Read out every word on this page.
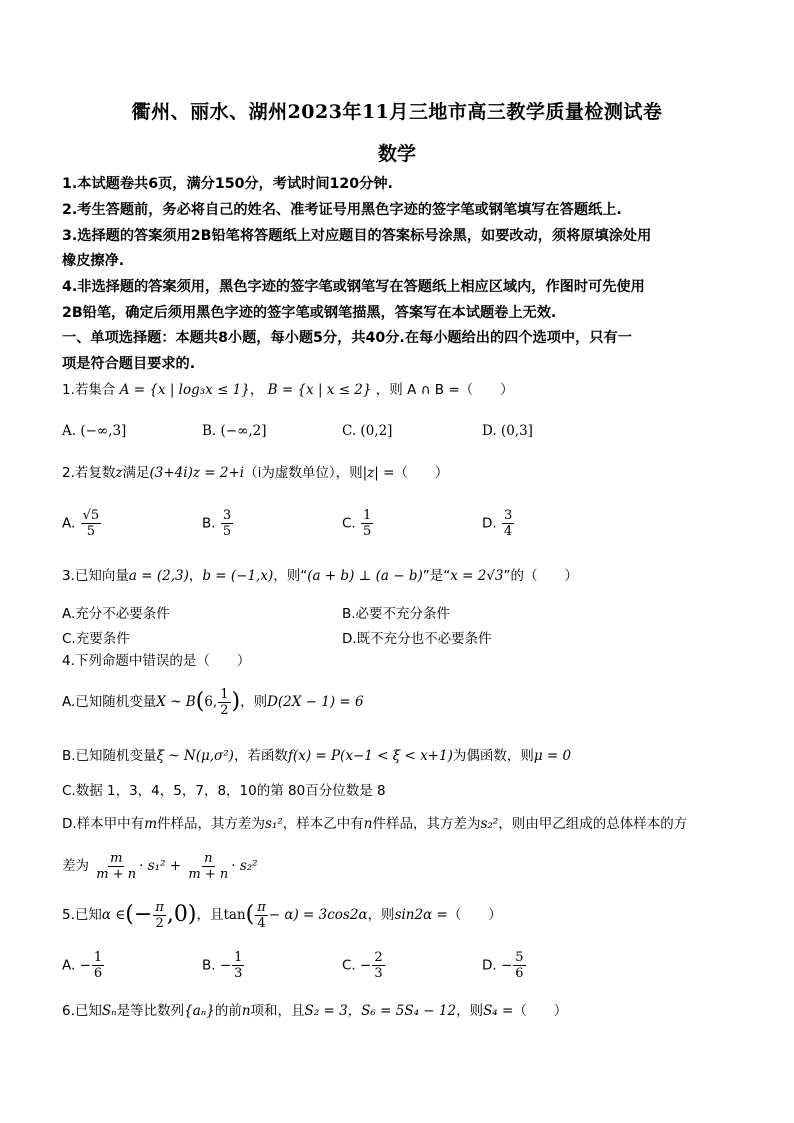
衢州、丽水、湖州2023年11月三地市高三教学质量检测试卷
数学
1.本试题卷共6页，满分150分，考试时间120分钟.
2.考生答题前，务必将自己的姓名、准考证号用黑色字迹的签字笔或钢笔填写在答题纸上.
3.选择题的答案须用2B铅笔将答题纸上对应题目的答案标号涂黑，如要改动，须将原填涂处用
橡皮擦净.
4.非选择题的答案须用，黑色字迹的签字笔或钢笔写在答题纸上相应区域内，作图时可先使用
2B铅笔，确定后须用黑色字迹的签字笔或钢笔描黑，答案写在本试题卷上无效.
一、单项选择题：本题共8小题，每小题5分，共40分.在每小题给出的四个选项中，只有一
项是符合题目要求的.
1.若集合 A = {x | log₃x ≤ 1}， B = {x | x ≤ 2} ，则 A ∩ B =（　　）
A. (−∞,3]	B. (−∞,2]	C. (0,2]	D. (0,3]
2.若复数z满足(3+4i)z = 2+i（i为虚数单位），则|z| =（　　）
A. $\frac{√5}{5}$	B. $\frac{3}{5}$	C. $\frac{1}{5}$	D. $\frac{3}{4}$
3.已知向量a = (2,3)，b = (−1,x)，则“(a + b) ⊥ (a − b)”是“x = 2√3”的（　　）
A.充分不必要条件	B.必要不充分条件
C.充要条件	D.既不充分也不必要条件
4.下列命题中错误的是（　　）
A.已知随机变量X ~ B(6, $\frac{1}{2}$ )，则D(2X − 1) = 6
B.已知随机变量ξ ~ N(μ,σ²)，若函数f(x) = P(x−1 < ξ < x+1)为偶函数，则μ = 0
C.数据 1，3，4，5，7，8，10的第 80百分位数是 8
D.样本甲中有m件样品，其方差为s₁²，样本乙中有n件样品，其方差为s₂²，则由甲乙组成的总体样本的方
差为 $\frac{m}{m + n} \cdot s_1^2 + \frac{n}{m + n} \cdot s_2^2$
5.已知α ∈(− $\frac{\pi}{2} ,0$)，且$\tan( \frac{\pi}{4} - \alpha) = 3\cos 2\alpha$，则sin2α =（　　）
A. − $\frac{1}{6}$	B. − $\frac{1}{3}$	C. − $\frac{2}{3}$	D. − $\frac{5}{6}$
6.已知Sₙ是等比数列{aₙ}的前n项和，且S₂ = 3，S₆ = 5S₄ − 12，则S₄ =（　　）
